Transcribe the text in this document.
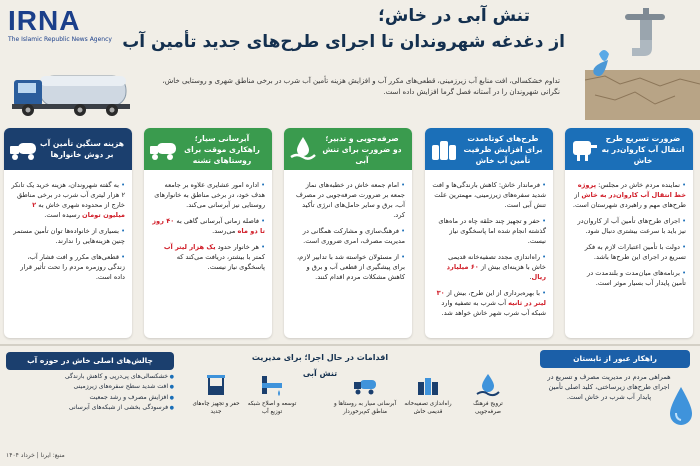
IRNA
The Islamic Republic News Agency
تنش آبی در خاش؛
از دغدغه شهروندان تا اجرای طرح‌های جدید تأمین آب
تداوم خشکسالی، افت منابع آب زیرزمینی، قطعی‌های مکرر آب و افزایش هزینه تأمین آب شرب در برخی مناطق شهری و روستایی خاش، نگرانی شهروندان را در آستانه فصل گرما افزایش داده است.
ضرورت تسریع طرح انتقال آب کاروان‌در به خاش

• نماینده مردم خاش در مجلس: پروژه خط انتقال آب کاروان‌در به خاش از طرح‌های مهم و راهبردی شهرستان است.

• اجرای طرح‌های تأمین آب از کاروان‌در نیز باید با سرعت بیشتری دنبال شود.

• دولت با تأمین اعتبارات لازم به فکر تسریع در اجرای این طرح‌ها باشد.

• برنامه‌های میان‌مدت و بلندمدت در تأمین پایدار آب بسیار موثر است.

طرح‌های کوتاه‌مدت برای افزایش ظرفیت تأمین آب خاش

• فرماندار خاش: کاهش بارندگی‌ها و افت شدید سفره‌های زیرزمینی، مهمترین علت تنش آبی است.

• حفر و تجهیز چند حلقه چاه در ماه‌های گذشته انجام شده اما پاسخگوی نیاز نیست.

• راه‌اندازی مجدد تصفیه‌خانه قدیمی خاش با هزینه‌ای بیش از ۶۰ میلیارد ریال.

• با بهره‌برداری از این طرح، بیش از ۳۰ لیتر در ثانیه آب شرب به تصفیه وارد شبکه آب شرب شهر خاش خواهد شد.

صرفه‌جویی و تدبیر؛ دو ضرورت برای تنش آبی

• امام جمعه خاش در خطبه‌های نماز جمعه بر ضرورت صرفه‌جویی در مصرف آب، برق و سایر حامل‌های انرژی تأکید کرد.

• فرهنگ‌سازی و مشارکت همگانی در مدیریت مصرف، امری ضروری است.

• از مسئولان خواسته شد با تدابیر لازم، برای پیشگیری از قطعی آب و برق و کاهش مشکلات مردم اقدام کنند.

آبرسانی سیار؛ راهکاری موقت برای روستاهای تشنه

• اداره امور عشایری علاوه بر جامعه هدف خود، در برخی مناطق به خانوارهای روستایی نیز آبرسانی می‌کند.

• فاصله زمانی آبرسانی گاهی به ۴۰ روز تا دو ماه می‌رسد.

• هر خانوار حدود یک هزار لیتر آب کمتر با بیشتر، دریافت می‌کند که پاسخگوی نیاز نیست.

هزینه سنگین تأمین آب بر دوش خانوارها

• به گفته شهروندان، هزینه خرید یک تانکر ۲ هزار لیتری آب شرب در برخی مناطق خارج از محدوده شهری خاش به ۲ میلیون تومان رسیده است.

• بسیاری از خانواده‌ها توان تأمین مستمر چنین هزینه‌هایی را ندارند.

• قطعی‌های مکرر و افت فشار آب، زندگی روزمره مردم را تحت تأثیر قرار داده است.

راهکار عبور از تابستان
همراهی مردم در مدیریت مصرف و تسریع در اجرای طرح‌های زیرساختی، کلید اصلی تأمین پایدار آب شرب در خاش است.
اقدامات در حال اجرا؛ برای مدیریت تنش آبی
ترویج فرهنگ صرفه‌جویی
راه‌اندازی تصفیه‌خانه قدیمی خاش
آبرسانی سیار به روستاها و مناطق کم‌برخوردار
توسعه و اصلاح شبکه توزیع آب
حفر و تجهیز چاه‌های جدید
چالش‌های اصلی خاش در حوزه آب
● خشکسالی‌های پی‌درپی و کاهش بارندگی
● افت شدید سطح سفره‌های زیرزمینی
● افزایش مصرف و رشد جمعیت
● فرسودگی بخشی از شبکه‌های آبرسانی
منبع: ایرنا | خرداد ۱۴۰۴
